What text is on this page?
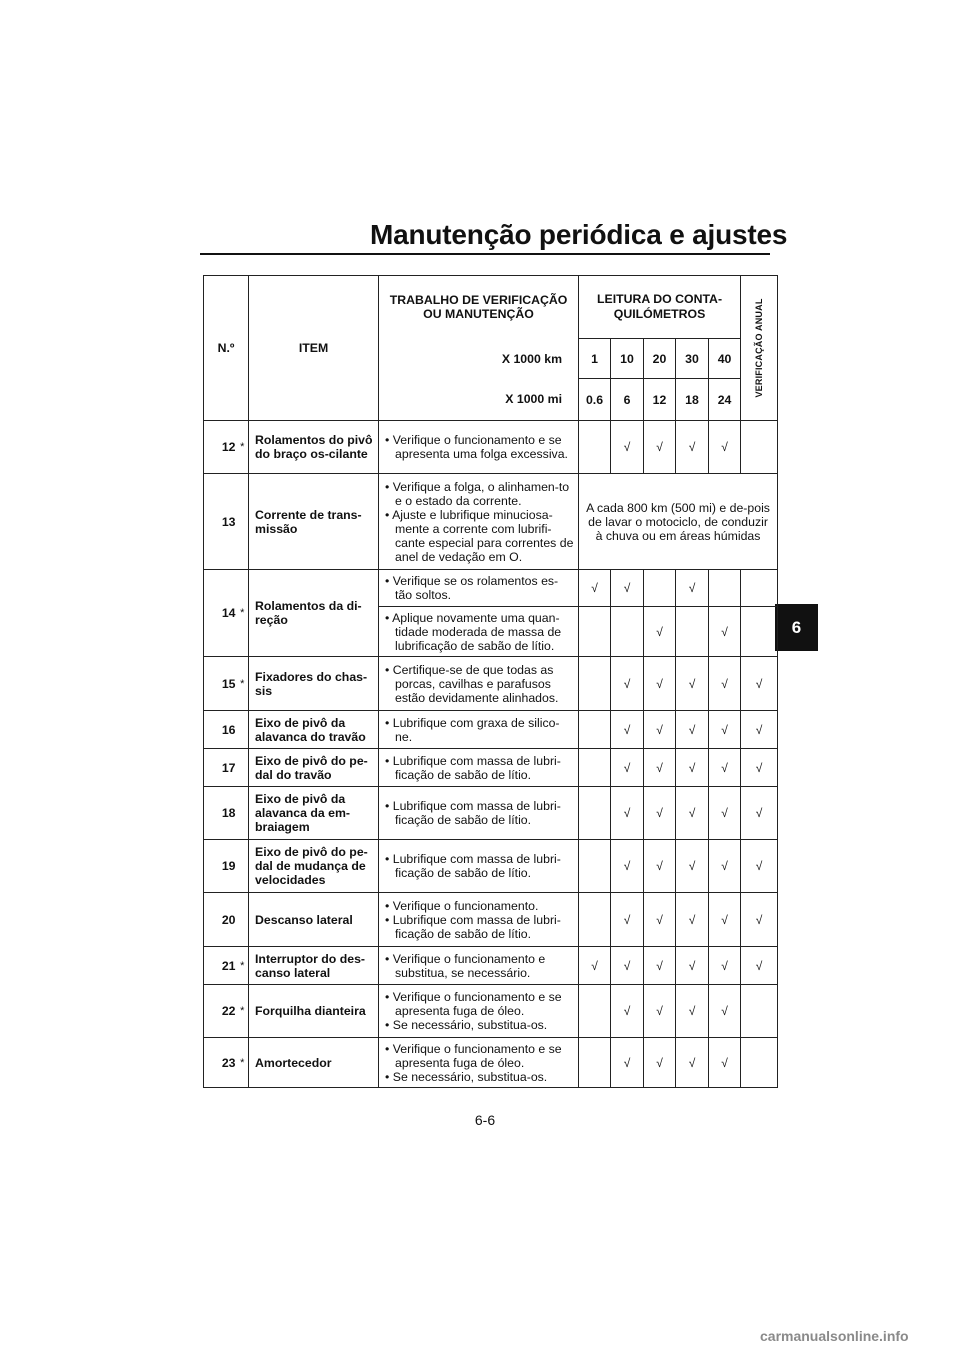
Manutenção periódica e ajustes
6
N.º		ITEM	TRABALHO DE VERIFICAÇÃO OU MANUTENÇÃO	LEITURA DO CONTA-QUILÓMETROS					VERIFICAÇÃO ANUAL

			X 1000 km	1	10	20	30	40	
			X 1000 mi	0.6	6	12	18	24	
12	*	Rolamentos do pivô do braço os-cilante	• Verifique o funcionamento e se apresenta uma folga excessiva.		√	√	√	√	
13		Corrente de trans-missão	• Verifique a folga, o alinhamen-to e o estado da corrente.
• Ajuste e lubrifique minuciosa-mente a corrente com lubrifi-cante especial para correntes de anel de vedação em O.	A cada 800 km (500 mi) e de-pois de lavar o motociclo, de conduzir à chuva ou em áreas húmidas					
14	*	Rolamentos da di-reção	• Verifique se os rolamentos es-tão soltos.	√	√		√		

			• Aplique novamente uma quan-tidade moderada de massa de lubrificação de sabão de lítio.			√		√	
15	*	Fixadores do chas-sis	• Certifique-se de que todas as porcas, cavilhas e parafusos estão devidamente alinhados.		√	√	√	√	√
16		Eixo de pivô da alavanca do travão	• Lubrifique com graxa de silico-ne.		√	√	√	√	√
17		Eixo de pivô do pe-dal do travão	• Lubrifique com massa de lubri-ficação de sabão de lítio.		√	√	√	√	√
18		Eixo de pivô da alavanca da em-braiagem	• Lubrifique com massa de lubri-ficação de sabão de lítio.		√	√	√	√	√
19		Eixo de pivô do pe-dal de mudança de velocidades	• Lubrifique com massa de lubri-ficação de sabão de lítio.		√	√	√	√	√
20		Descanso lateral	• Verifique o funcionamento.
• Lubrifique com massa de lubri-ficação de sabão de lítio.		√	√	√	√	√
21	*	Interruptor do des-canso lateral	• Verifique o funcionamento e substitua, se necessário.	√	√	√	√	√	√
22	*	Forquilha dianteira	• Verifique o funcionamento e se apresenta fuga de óleo.
• Se necessário, substitua-os.		√	√	√	√	
23	*	Amortecedor	• Verifique o funcionamento e se apresenta fuga de óleo.
• Se necessário, substitua-os.		√	√	√	√	
6-6
carmanualsonline.info
